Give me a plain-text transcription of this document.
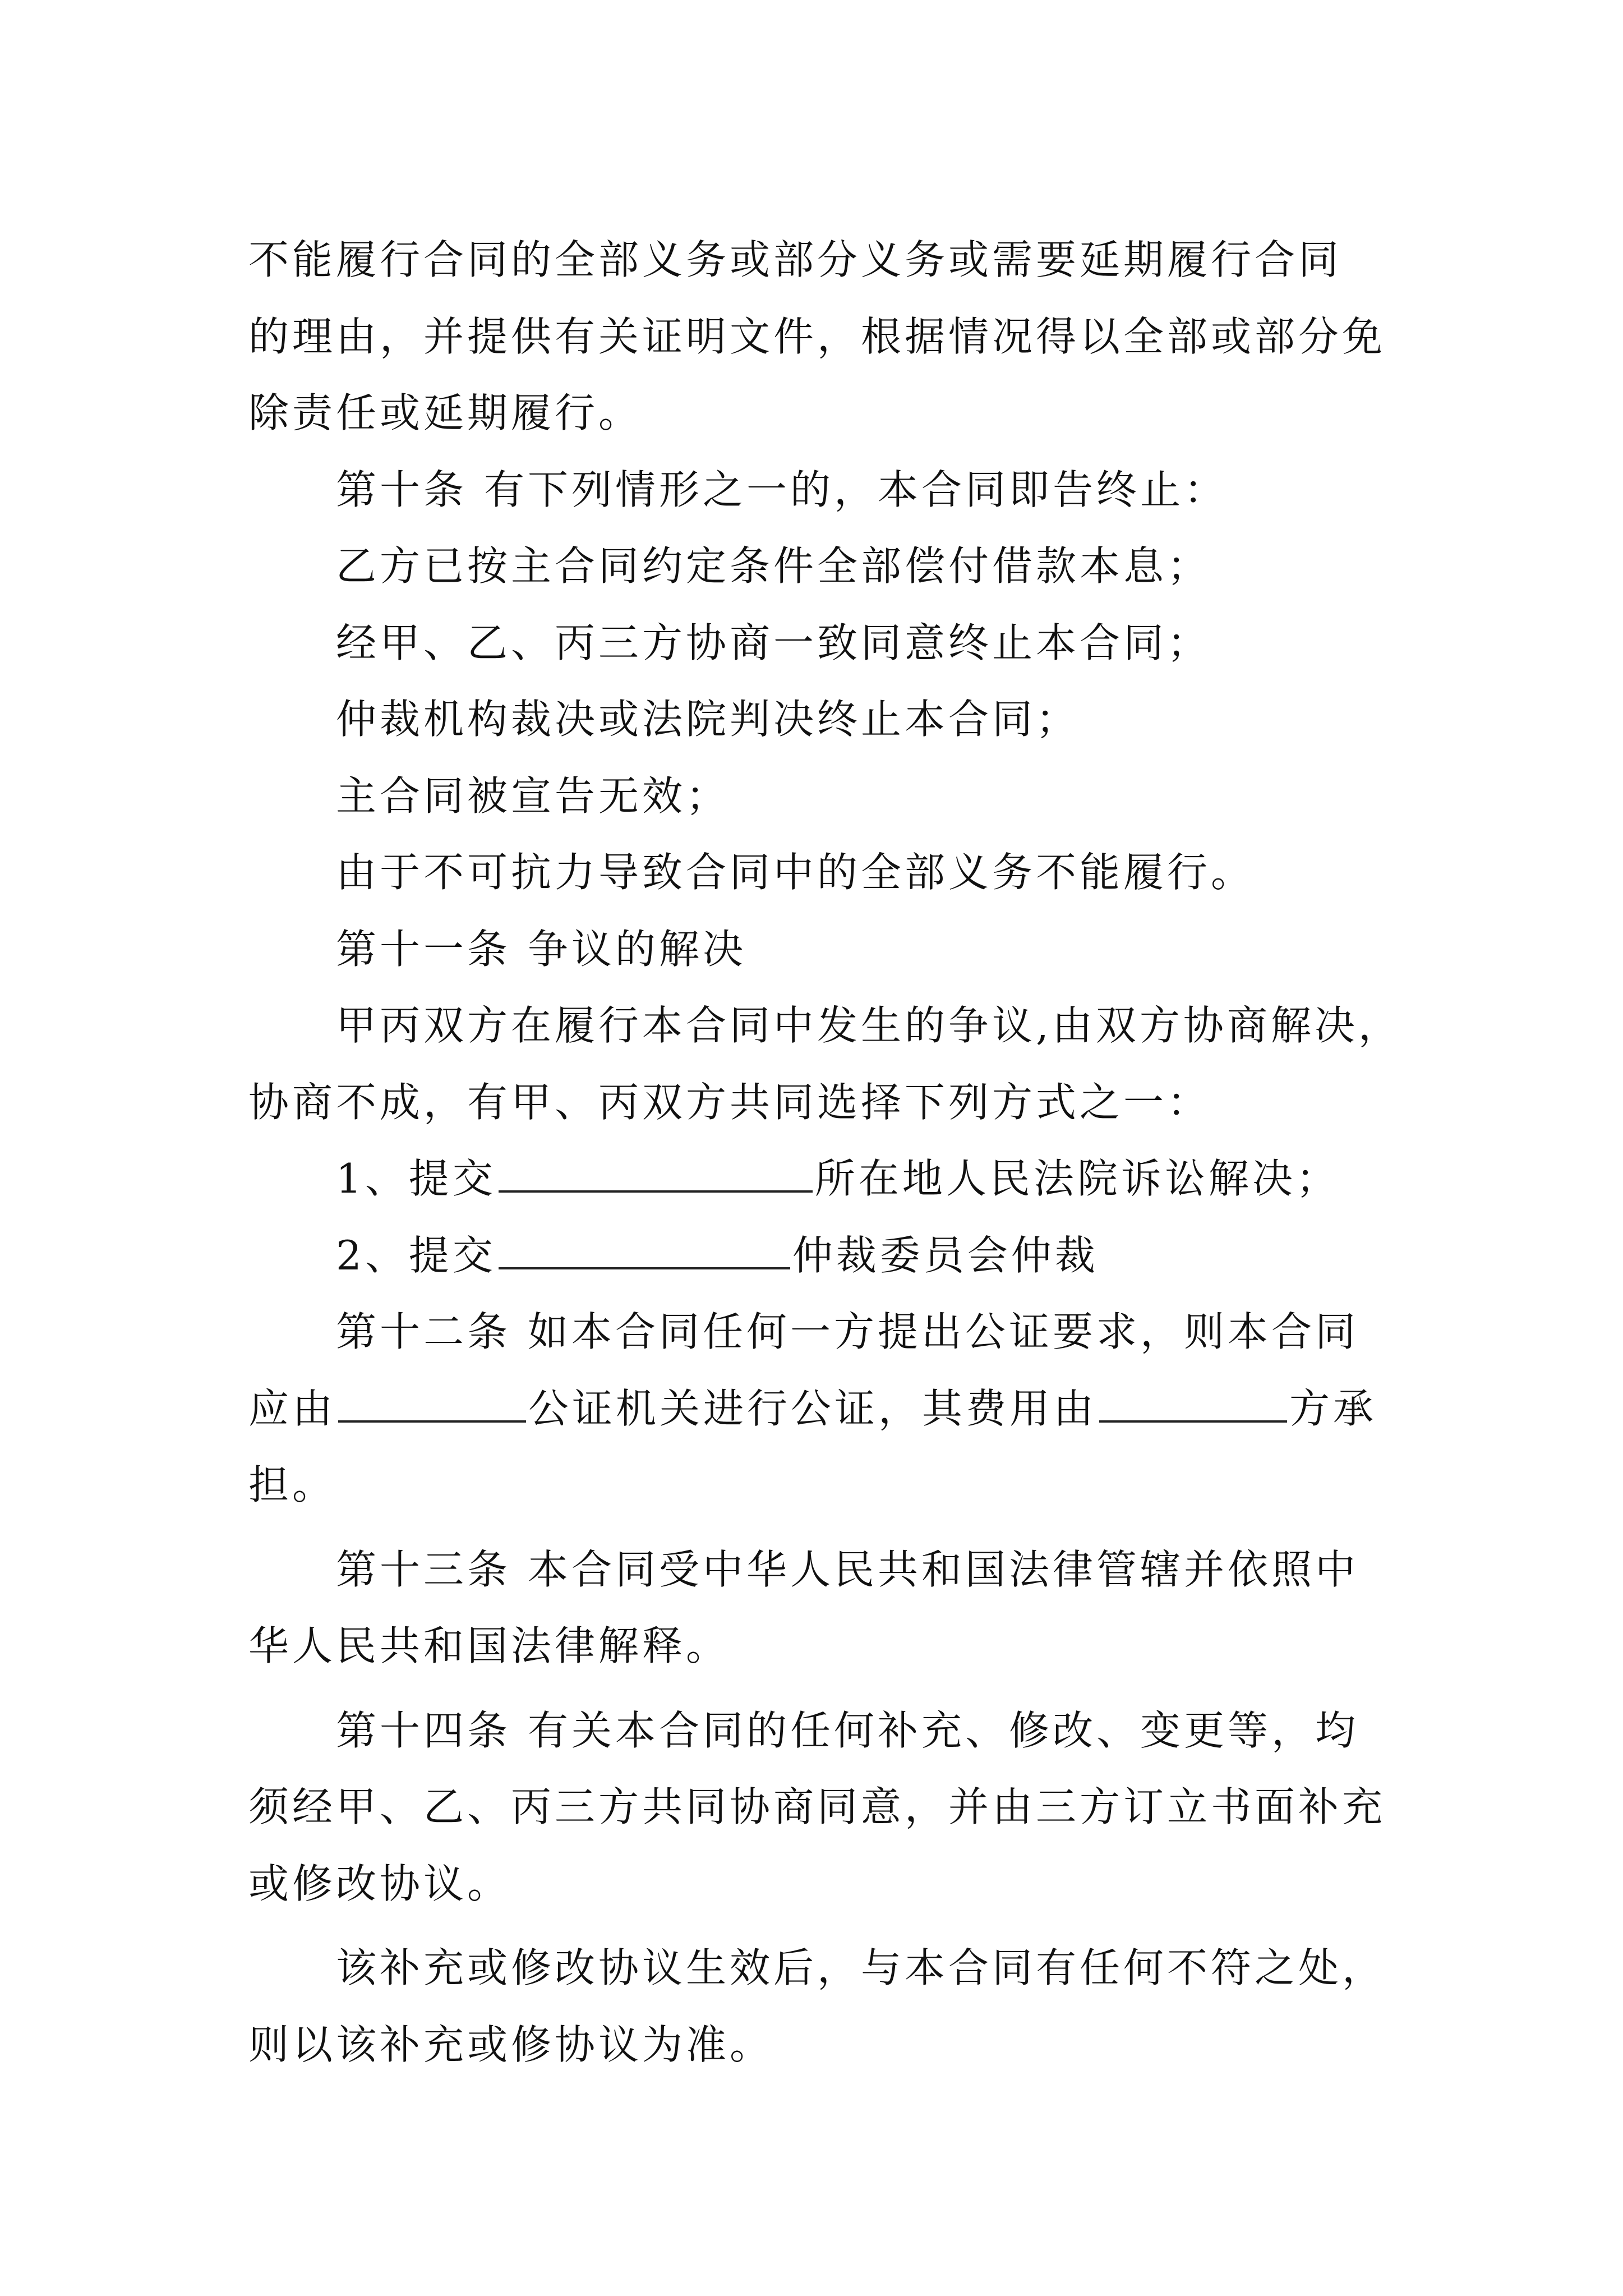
不能履行合同的全部义务或部分义务或需要延期履行合同
的理由，并提供有关证明文件，根据情况得以全部或部分免
除责任或延期履行。
第十条 有下列情形之一的，本合同即告终止：
乙方已按主合同约定条件全部偿付借款本息；
经甲、乙、丙三方协商一致同意终止本合同；
仲裁机构裁决或法院判决终止本合同；
主合同被宣告无效；
由于不可抗力导致合同中的全部义务不能履行。
第十一条 争议的解决
甲丙双方在履行本合同中发生的争议,由双方协商解决，
协商不成，有甲、丙双方共同选择下列方式之一：
1、提交	所在地人民法院诉讼解决；
2、提交	仲裁委员会仲裁
第十二条 如本合同任何一方提出公证要求，则本合同
应由	公证机关进行公证，其费用由	方承
担。
第十三条 本合同受中华人民共和国法律管辖并依照中
华人民共和国法律解释。
第十四条 有关本合同的任何补充、修改、变更等，均
须经甲、乙、丙三方共同协商同意，并由三方订立书面补充
或修改协议。
该补充或修改协议生效后，与本合同有任何不符之处，
则以该补充或修协议为准。
